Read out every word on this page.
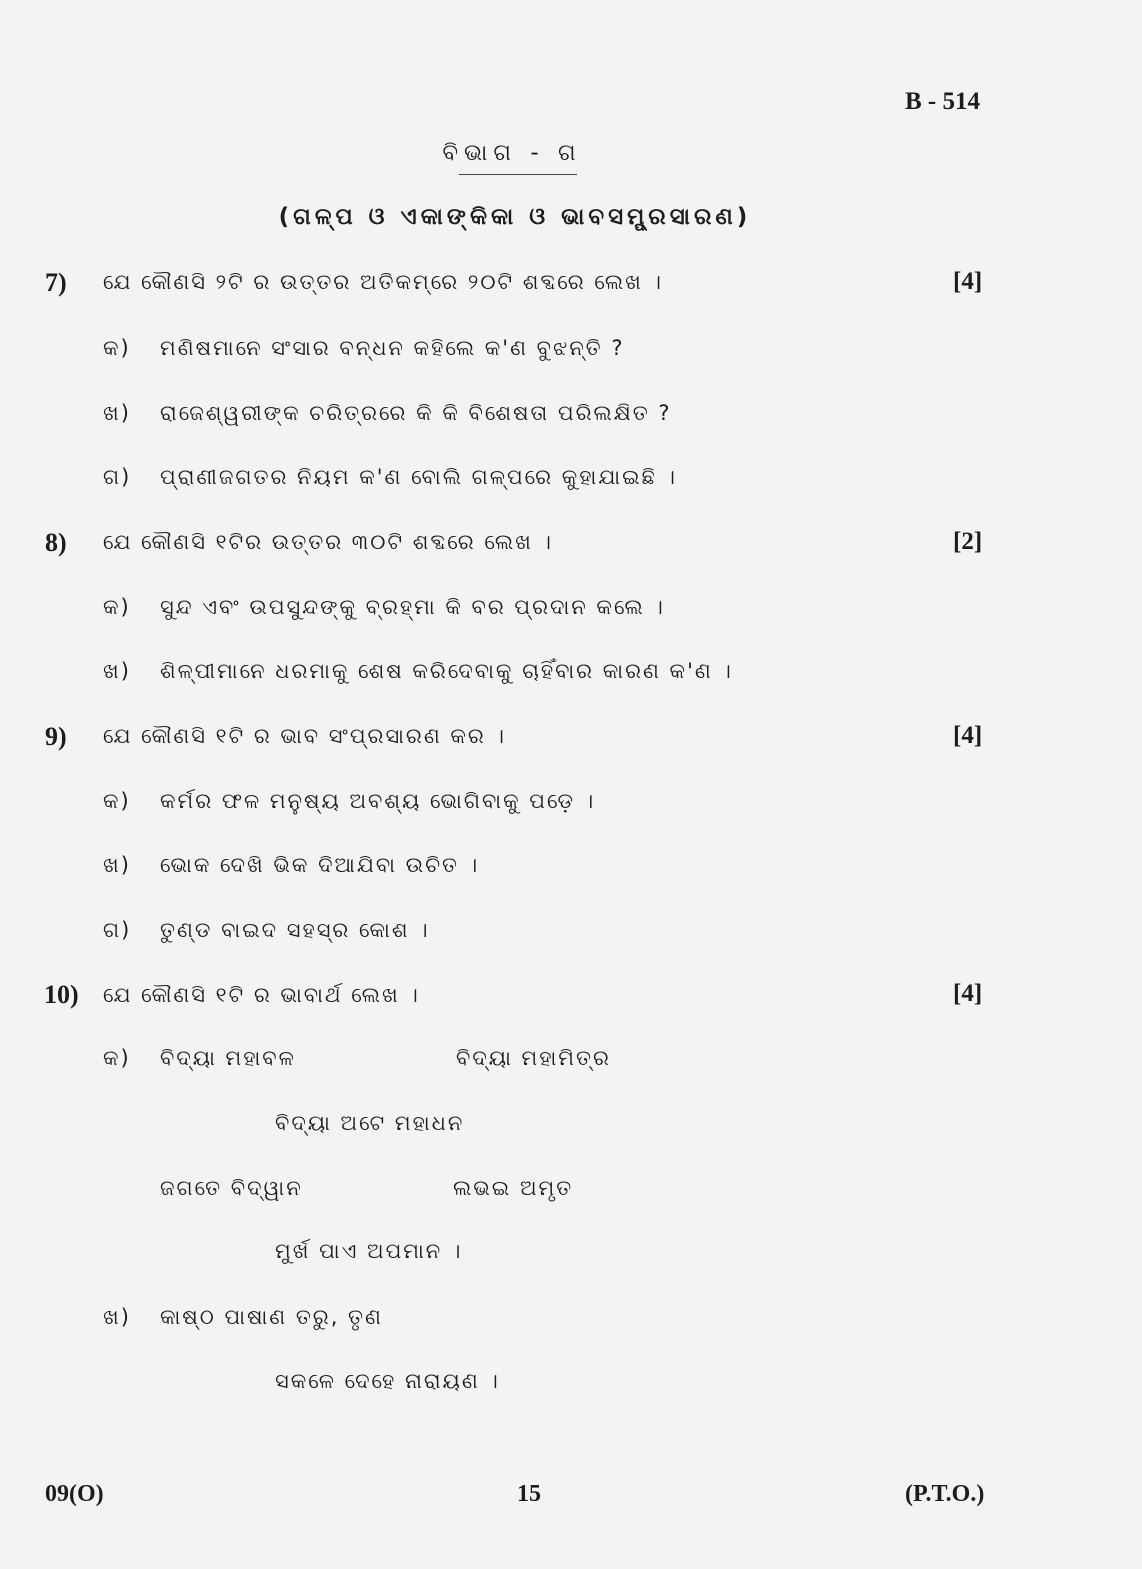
B - 514
ବିଭାଗ - ଗ
(ଗଳ୍ପ ଓ ଏକାଙ୍କିକା ଓ ଭାବସମ୍ପ୍ରସାରଣ)
7) ଯେ କୌଣସି ୨ଟି ର ଉତ୍ତର ଅତିକମ୍‌ରେ ୨୦ଟି ଶବ୍ଦରେ ଲେଖ ।	[4]
କ) ମଣିଷମାନେ ସଂସାର ବନ୍ଧନ କହିଲେ କ'ଣ ବୁଝନ୍ତି ?
ଖ) ରାଜେଶ୍ୱରୀଙ୍କ ଚରିତ୍ରରେ କି କି ବିଶେଷତା ପରିଲକ୍ଷିତ ?
ଗ) ପ୍ରାଣୀଜଗତର ନିୟମ କ'ଣ ବୋଲି ଗଳ୍ପରେ କୁହାଯାଇଛି ।
8) ଯେ କୌଣସି ୧ଟିର ଉତ୍ତର ୩୦ଟି ଶବ୍ଦରେ ଲେଖ ।	[2]
କ) ସୁନ୍ଦ ଏବଂ ଉପସୁନ୍ଦଙ୍କୁ ବ୍ରହ୍ମା କି ବର ପ୍ରଦାନ କଲେ ।
ଖ) ଶିଳ୍ପୀମାନେ ଧରମାକୁ ଶେଷ କରିଦେବାକୁ ଚାହିଁବାର କାରଣ କ'ଣ ।
9) ଯେ କୌଣସି ୧ଟି ର ଭାବ ସଂପ୍ରସାରଣ କର ।	[4]
କ) କର୍ମର ଫଳ ମନୁଷ୍ୟ ଅବଶ୍ୟ ଭୋଗିବାକୁ ପଡ଼େ ।
ଖ) ଭୋକ ଦେଖି ଭିକ ଦିଆଯିବା ଉଚିତ ।
ଗ) ତୁଣ୍ଡ ବାଇଦ ସହସ୍ର କୋଶ ।
10) ଯେ କୌଣସି ୧ଟି ର ଭାବାର୍ଥ ଲେଖ ।	[4]
କ) ବିଦ୍ୟା ମହାବଳ	ବିଦ୍ୟା ମହାମିତ୍ର
ବିଦ୍ୟା ଅଟେ ମହାଧନ
ଜଗତେ ବିଦ୍ୱାନ	ଲଭଇ ଅମୃତ
ମୁର୍ଖ ପାଏ ଅପମାନ ।
ଖ) କାଷ୍ଠ ପାଷାଣ ତରୁ, ତୃଣ
ସକଳେ ଦେହେ ନାରାୟଣ ।
09(O)	15	(P.T.O.)
